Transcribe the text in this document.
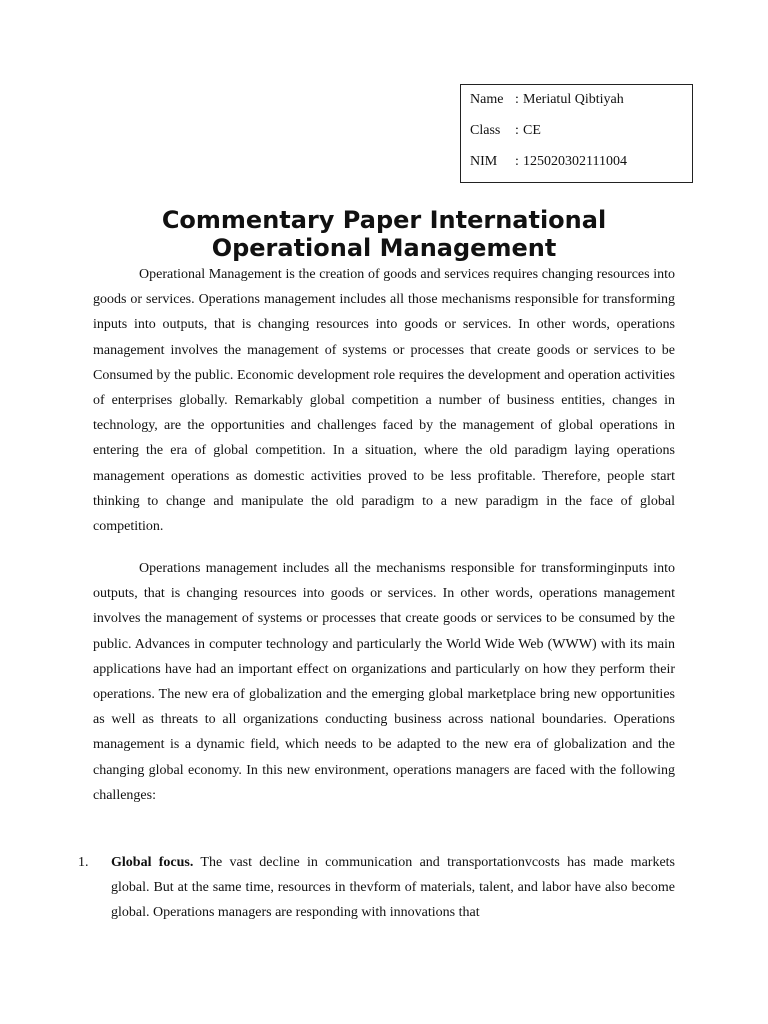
Name : Meriatul Qibtiyah
Class : CE
NIM : 125020302111004
Commentary Paper International Operational Management

Operational Management is the creation of goods and services requires changing resources into goods or services. Operations management includes all those mechanisms responsible for transforming inputs into outputs, that is changing resources into goods or services. In other words, operations management involves the management of systems or processes that create goods or services to be Consumed by the public. Economic development role requires the development and operation activities of enterprises globally. Remarkably global competition a number of business entities, changes in technology, are the opportunities and challenges faced by the management of global operations in entering the era of global competition. In a situation, where the old paradigm laying operations management operations as domestic activities proved to be less profitable. Therefore, people start thinking to change and manipulate the old paradigm to a new paradigm in the face of global competition.

Operations management includes all the mechanisms responsible for transforminginputs into outputs, that is changing resources into goods or services. In other words, operations management involves the management of systems or processes that create goods or services to be consumed by the public. Advances in computer technology and particularly the World Wide Web (WWW) with its main applications have had an important effect on organizations and particularly on how they perform their operations. The new era of globalization and the emerging global marketplace bring new opportunities as well as threats to all organizations conducting business across national boundaries. Operations management is a dynamic field, which needs to be adapted to the new era of globalization and the changing global economy. In this new environment, operations managers are faced with the following challenges:

1.	Global focus. The vast decline in communication and transportationvcosts has made markets global. But at the same time, resources in thevform of materials, talent, and labor have also become global. Operations managers are responding with innovations that
